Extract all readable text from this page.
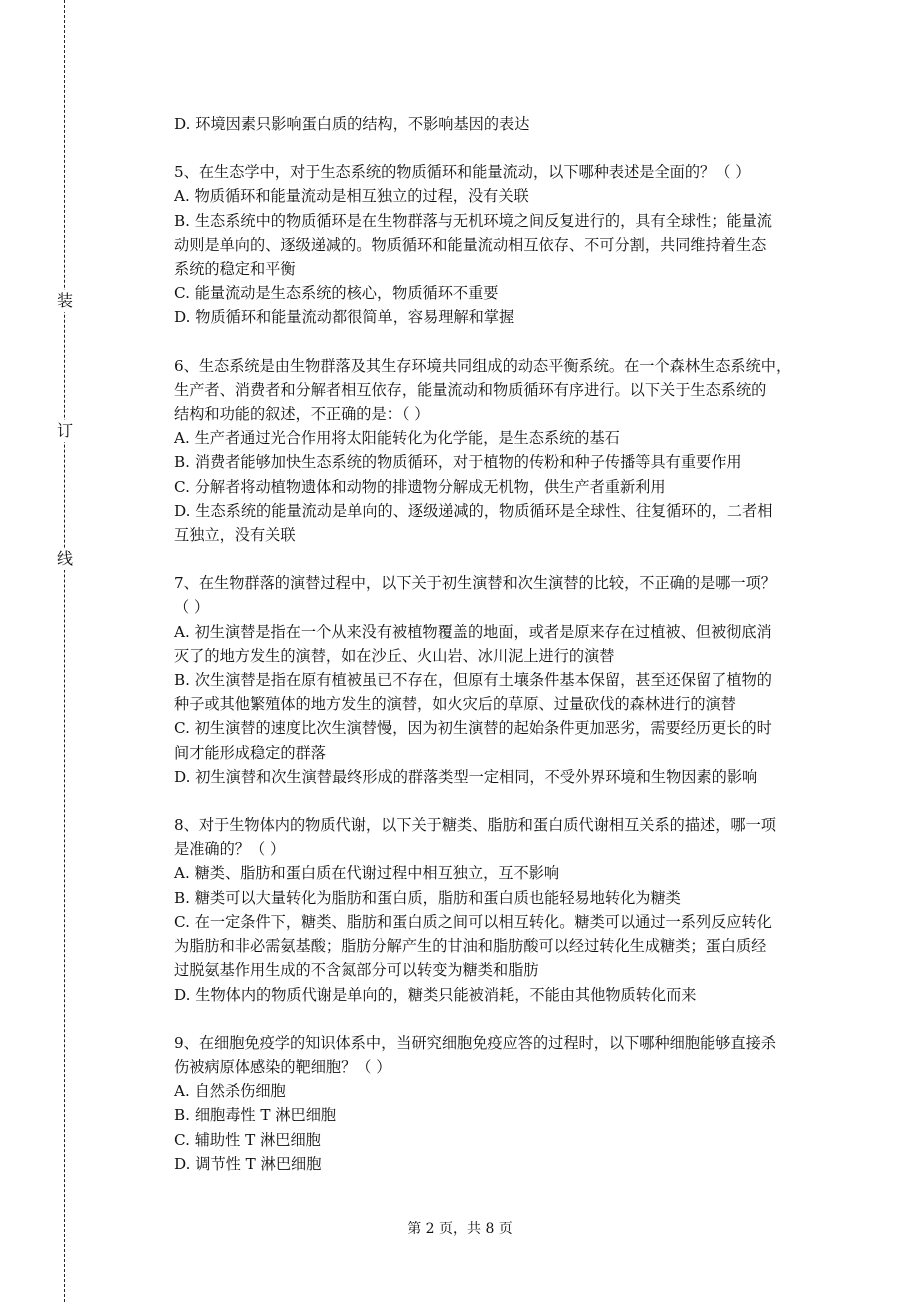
装
订
线
D. 环境因素只影响蛋白质的结构，不影响基因的表达
5、在生态学中，对于生态系统的物质循环和能量流动，以下哪种表述是全面的？（ ）
A. 物质循环和能量流动是相互独立的过程，没有关联
B. 生态系统中的物质循环是在生物群落与无机环境之间反复进行的，具有全球性；能量流
动则是单向的、逐级递减的。物质循环和能量流动相互依存、不可分割，共同维持着生态
系统的稳定和平衡
C. 能量流动是生态系统的核心，物质循环不重要
D. 物质循环和能量流动都很简单，容易理解和掌握
6、生态系统是由生物群落及其生存环境共同组成的动态平衡系统。在一个森林生态系统中，
生产者、消费者和分解者相互依存，能量流动和物质循环有序进行。以下关于生态系统的
结构和功能的叙述，不正确的是：（ ）
A. 生产者通过光合作用将太阳能转化为化学能，是生态系统的基石
B. 消费者能够加快生态系统的物质循环，对于植物的传粉和种子传播等具有重要作用
C. 分解者将动植物遗体和动物的排遗物分解成无机物，供生产者重新利用
D. 生态系统的能量流动是单向的、逐级递减的，物质循环是全球性、往复循环的，二者相
互独立，没有关联
7、在生物群落的演替过程中，以下关于初生演替和次生演替的比较，不正确的是哪一项？
（ ）
A. 初生演替是指在一个从来没有被植物覆盖的地面，或者是原来存在过植被、但被彻底消
灭了的地方发生的演替，如在沙丘、火山岩、冰川泥上进行的演替
B. 次生演替是指在原有植被虽已不存在，但原有土壤条件基本保留，甚至还保留了植物的
种子或其他繁殖体的地方发生的演替，如火灾后的草原、过量砍伐的森林进行的演替
C. 初生演替的速度比次生演替慢，因为初生演替的起始条件更加恶劣，需要经历更长的时
间才能形成稳定的群落
D. 初生演替和次生演替最终形成的群落类型一定相同，不受外界环境和生物因素的影响
8、对于生物体内的物质代谢，以下关于糖类、脂肪和蛋白质代谢相互关系的描述，哪一项
是准确的？（ ）
A. 糖类、脂肪和蛋白质在代谢过程中相互独立，互不影响
B. 糖类可以大量转化为脂肪和蛋白质，脂肪和蛋白质也能轻易地转化为糖类
C. 在一定条件下，糖类、脂肪和蛋白质之间可以相互转化。糖类可以通过一系列反应转化
为脂肪和非必需氨基酸；脂肪分解产生的甘油和脂肪酸可以经过转化生成糖类；蛋白质经
过脱氨基作用生成的不含氮部分可以转变为糖类和脂肪
D. 生物体内的物质代谢是单向的，糖类只能被消耗，不能由其他物质转化而来
9、在细胞免疫学的知识体系中，当研究细胞免疫应答的过程时，以下哪种细胞能够直接杀
伤被病原体感染的靶细胞？（ ）
A. 自然杀伤细胞
B. 细胞毒性 T 淋巴细胞
C. 辅助性 T 淋巴细胞
D. 调节性 T 淋巴细胞
第 2 页，共 8 页
